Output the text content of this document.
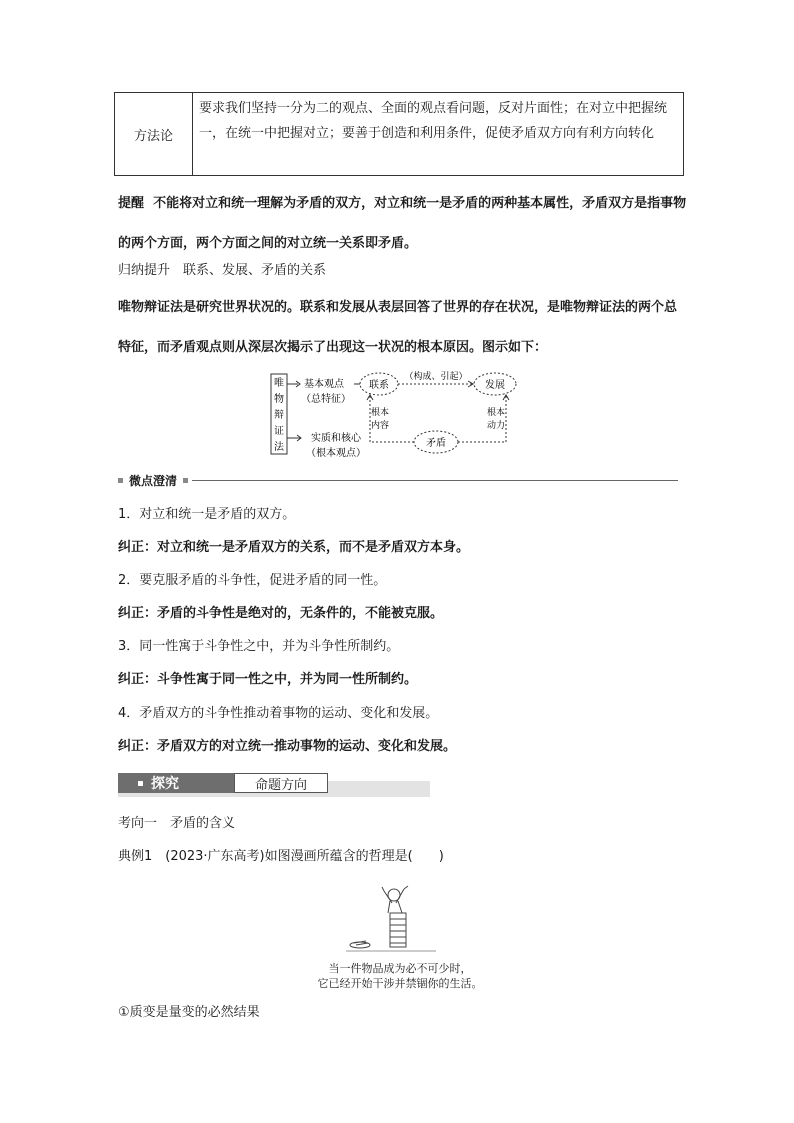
方法论
要求我们坚持一分为二的观点、全面的观点看问题，反对片面性；在对立中把握统一，在统一中把握对立；要善于创造和利用条件，促使矛盾双方向有利方向转化
提醒 不能将对立和统一理解为矛盾的双方，对立和统一是矛盾的两种基本属性，矛盾双方是指事物的两个方面，两个方面之间的对立统一关系即矛盾。
归纳提升　联系、发展、矛盾的关系
唯物辩证法是研究世界状况的。联系和发展从表层回答了世界的存在状况，是唯物辩证法的两个总特征，而矛盾观点则从深层次揭示了出现这一状况的根本原因。图示如下：
唯
物
辩
证
法
基本观点
（总特征）
实质和核心
（根本观点）
联系	发展
（构成、引起）
矛盾
根本
内容
根本
动力
微点澄清
1．对立和统一是矛盾的双方。
纠正：对立和统一是矛盾双方的关系，而不是矛盾双方本身。
2．要克服矛盾的斗争性，促进矛盾的同一性。
纠正：矛盾的斗争性是绝对的，无条件的，不能被克服。
3．同一性寓于斗争性之中，并为斗争性所制约。
纠正：斗争性寓于同一性之中，并为同一性所制约。
4．矛盾双方的斗争性推动着事物的运动、变化和发展。
纠正：矛盾双方的对立统一推动事物的运动、变化和发展。
探究	命题方向
考向一　矛盾的含义
典例1　(2023·广东高考)如图漫画所蕴含的哲理是(　　)
当一件物品成为必不可少时，
它已经开始干涉并禁锢你的生活。
①质变是量变的必然结果
